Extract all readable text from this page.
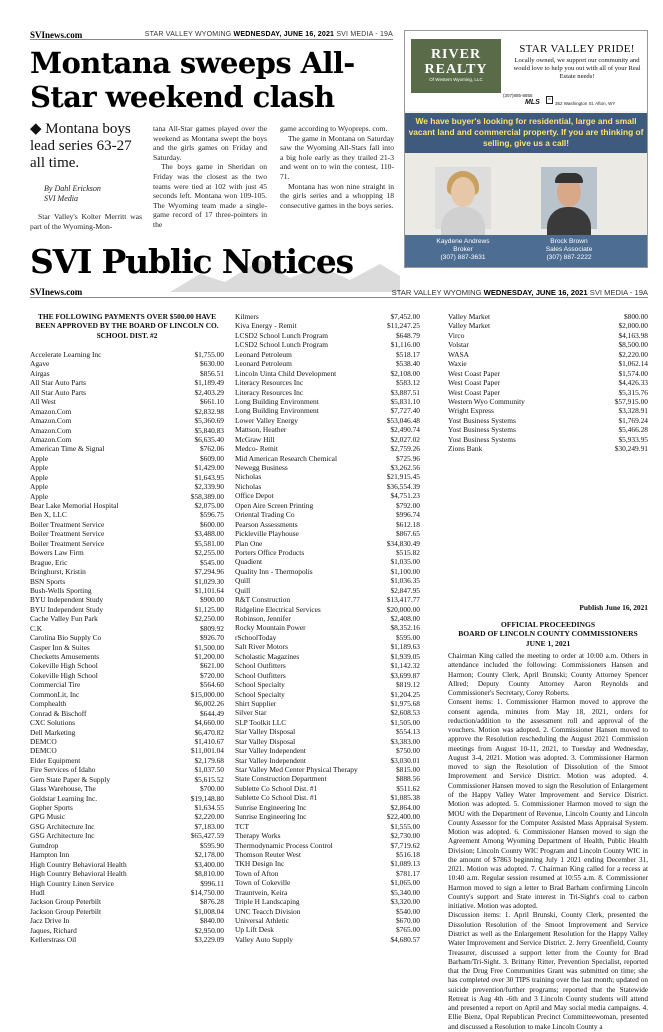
SVInews.com	STAR VALLEY WYOMING WEDNESDAY, JUNE 16, 2021 SVI MEDIA - 19A
Montana sweeps All-Star weekend clash
◆ Montana boys lead series 63-27 all time.
By Dahl Erickson
SVI Media

Star Valley's Kolter Merritt was part of the Wyoming-Mon-

tana All-Star games played over the weekend as Montana swept the boys and the girls games on Friday and Saturday.

The boys game in Sheridan on Friday was the closest as the two teams were tied at 102 with just 45 seconds left. Montana won 109-105. The Wyoming team made a single-game record of 17 three-pointers in the

game according to Wyopreps. com.

The game in Montana on Saturday saw the Wyoming All-Stars fall into a big hole early as they trailed 21-3 and went on to win the contest, 110-71.

Montana has won nine straight in the girls series and a whopping 18 consecutive games in the boys series.

RIVER
REALTY
Of Western Wyoming, LLC
(307)885-8855
MLS =
352 Washington St. Afton, WY
STAR VALLEY PRIDE!
Locally owned, we support our community and would love to help you out with all of your Real Estate needs!
We have buyer's looking for residential, large and small vacant land and commercial property. If you are thinking of selling, give us a call!
Kaydene Andrews
Broker
(307) 887-3631
Brock Brown
Sales Associate
(307) 887-2222
SVI Public Notices
SVInews.com	STAR VALLEY WYOMING WEDNESDAY, JUNE 16, 2021 SVI MEDIA - 19A
THE FOLLOWING PAYMENTS OVER $500.00 HAVE BEEN APPROVED BY THE BOARD OF LINCOLN CO. SCHOOL DIST. #2
Accelerate Learning Inc	$1,755.00
Agave	$630.00
Airgas	$856.51
All Star Auto Parts	$1,189.49
All Star Auto Parts	$2,403.29
All West	$661.10
Amazon.Com	$2,832.98
Amazon.Com	$5,360.69
Amazon.Com	$5,840.83
Amazon.Com	$6,635.40
American Time & Signal	$762.06
Apple	$609.00
Apple	$1,429.00
Apple	$1,643.95
Apple	$2,339.90
Apple	$58,389.00
Bear Lake Memorial Hospital	$2,075.00
Ben X, LLC	$596.75
Boiler Treatment Service	$600.00
Boiler Treatment Service	$3,488.00
Boiler Treatment Service	$5,581.00
Bowers Law Firm	$2,255.00
Brague, Eric	$545.00
Bringhurst, Kristin	$7,294.96
BSN Sports	$1,029.30
Bush-Wells Sporting	$1,101.64
BYU Independent Study	$900.00
BYU Independent Study	$1,125.00
Cache Valley Fun Park	$2,250.00
C.K	$809.92
Carolina Bio Supply Co	$926.70
Casper Inn & Suites	$1,500.00
Checketts Amusements	$1,200.00
Cokeville High School	$621.00
Cokeville High School	$720.00
Commercial Tire	$564.60
CommonLit, Inc	$15,000.00
Comphealth	$6,002.26
Conrad & Bischoff	$644.49
CXC Solutions	$4,660.00
Dell Marketing	$6,470.82
DEMCO	$1,410.67
DEMCO	$11,001.04
Elder Equipment	$2,179.68
Fire Services of Idaho	$1,037.50
Gem State Paper & Supply	$5,615.52
Glass Warehouse, The	$700.00
Goldstar Learning Inc.	$19,148.80
Gopher Sports	$1,634.55
GPG Music	$2,220.00
GSG Architecture Inc	$7,183.00
GSG Architecture Inc	$65,427.59
Gumdrop	$595.90
Hampton Inn	$2,178.00
High Country Behavioral Health	$3,400.00
High Country Behavioral Health	$8,810.00
High Country Linen Service	$996.11
Hudl	$14,750.00
Jackson Group Peterbilt	$876.28
Jackson Group Peterbilt	$1,008.04
Jacz Drive In	$840.00
Jaques, Richard	$2,950.00
Kellerstrass Oil	$3,229.09
Kilmers	$7,452.00
Kiva Energy - Remit	$11,247.25
LCSD2 School Lunch Program	$648.79
LCSD2 School Lunch Program	$1,116.00
Leonard Petroleum	$518.17
Leonard Petroleum	$538.40
Lincoln Uinta Child Development	$2,108.00
Literacy Resources Inc	$583.12
Literacy Resources Inc	$3,887.51
Long Building Environment	$5,831.10
Long Building Environment	$7,727.40
Lower Valley Energy	$53,046.48
Mattson, Heather	$2,490.74
McGraw Hill	$2,027.02
Medco- Remit	$2,759.26
Mid American Research Chemical	$725.96
Newegg Business	$3,262.56
Nicholas	$21,915.45
Nicholas	$36,554.39
Office Depot	$4,751.23
Open Aire Screen Printing	$792.00
Oriental Trading Co	$996.74
Pearson Assessments	$612.18
Pickleville Playhouse	$867.65
Plan One	$34,830.49
Porters Office Products	$515.82
Quadient	$1,035.00
Quality Inn - Thermopolis	$1,100.00
Quill	$1,036.35
Quill	$2,847.95
R&T Construction	$13,417.77
Ridgeline Electrical Services	$20,000.00
Robinson, Jennifer	$2,408.00
Rocky Mountain Power	$8,352.16
rSchoolToday	$595.00
Salt River Motors	$1,189.63
Scholastic Magazines	$1,939.05
School Outfitters	$1,142.32
School Outfitters	$3,699.87
School Specialty	$819.12
School Specialty	$1,204.25
Shirt Supplier	$1,975.68
Silver Star	$2,608.53
SLP Toolkit LLC	$1,505.00
Star Valley Disposal	$554.13
Star Valley Disposal	$3,383.00
Star Valley Independent	$750.00
Star Valley Independent	$3,030.01
Star Valley Med Center Physical Therapy	$815.00
State Construction Department	$888.56
Sublette Co School Dist. #1	$511.62
Sublette Co School Dist. #1	$1,085.38
Sunrise Engineering Inc	$2,864.00
Sunrise Engineering Inc	$22,400.00
TCT	$1,555.00
Therapy Works	$2,730.00
Thermodynamic Process Control	$7,719.62
Thomson Reuter West	$516.18
TKH Design Inc	$1,089.13
Town of Afton	$781.17
Town of Cokeville	$1,065.00
Trauntvein, Keira	$5,340.00
Triple H Landscaping	$3,320.00
UNC Teacch Division	$540.00
Universal Athletic	$670.00
Up Lift Desk	$765.00
Valley Auto Supply	$4,680.57
Valley Market	$800.00
Valley Market	$2,000.00
Virco	$4,163.98
Volstar	$8,500.00
WASA	$2,220.00
Waxie	$1,062.14
West Coast Paper	$1,574.00
West Coast Paper	$4,426.33
West Coast Paper	$5,315.76
Western Wyo Community	$57,915.00
Wright Express	$3,328.91
Yost Business Systems	$1,769.24
Yost Business Systems	$5,466.28
Yost Business Systems	$5,933.95
Zions Bank	$30,249.91
Publish June 16, 2021
OFFICIAL PROCEEDINGS
BOARD OF LINCOLN COUNTY COMMISSIONERS
JUNE 1, 2021

Chairman King called the meeting to order at 10:00 a.m. Others in attendance included the following: Commissioners Hansen and Harmon; County Clerk, April Brunski; County Attorney Spencer Allred; Deputy County Attorney Aaron Reynolds and Commissioner's Secretary, Corey Roberts.

Consent items: 1. Commissioner Harmon moved to approve the consent agenda, minutes from May 18, 2021, orders for reduction/addition to the assessment roll and approval of the vouchers. Motion was adopted. 2. Commissioner Hansen moved to approve the Resolution rescheduling the August 2021 Commission meetings from August 10-11, 2021, to Tuesday and Wednesday, August 3-4, 2021. Motion was adopted. 3. Commissioner Harmon moved to sign the Resolution of Dissolution of the Smoot Improvement and Service District. Motion was adopted. 4. Commissioner Hansen moved to sign the Resolution of Enlargement of the Happy Valley Water Improvement and Service District. Motion was adopted. 5. Commissioner Harmon moved to sign the MOU with the Department of Revenue, Lincoln County and Lincoln County Assessor for the Computer Assisted Mass Appraisal System. Motion was adopted. 6. Commissioner Hansen moved to sign the Agreement Among Wyoming Department of Health, Public Health Division; Lincoln County WIC Program and Lincoln County WIC in the amount of $7863 beginning July 1 2021 ending December 31, 2021. Motion was adopted. 7. Chairman King called for a recess at 10:40 a.m. Regular session resumed at 10:55 a.m. 8. Commissioner Harmon moved to sign a letter to Brad Barham confirming Lincoln County's support and State interest in Tri-Sight's coal to carbon initiative. Motion was adopted.

Discussion items: 1. April Brunski, County Clerk, presented the Dissolution Resolution of the Smoot Improvement and Service District as well as the Enlargement Resolution for the Happy Valley Water Improvement and Service District. 2. Jerry Greenfield, County Treasurer, discussed a support letter from the County for Brad Barham/Tri-Sight. 3. Brittany Ritter, Prevention Specialist, reported that the Drug Free Communities Grant was submitted on time; she has completed over 30 TIPS training over the last month; updated on suicide prevention/further programs; reported that the Statewide Retreat is Aug 4th -6th and 3 Lincoln County students will attend and presented a report on April and May social media campaigns. 4. Ellie Bienz, Opal Republican Precinct Committeewoman, presented and discussed a Resolution to make Lincoln County a
